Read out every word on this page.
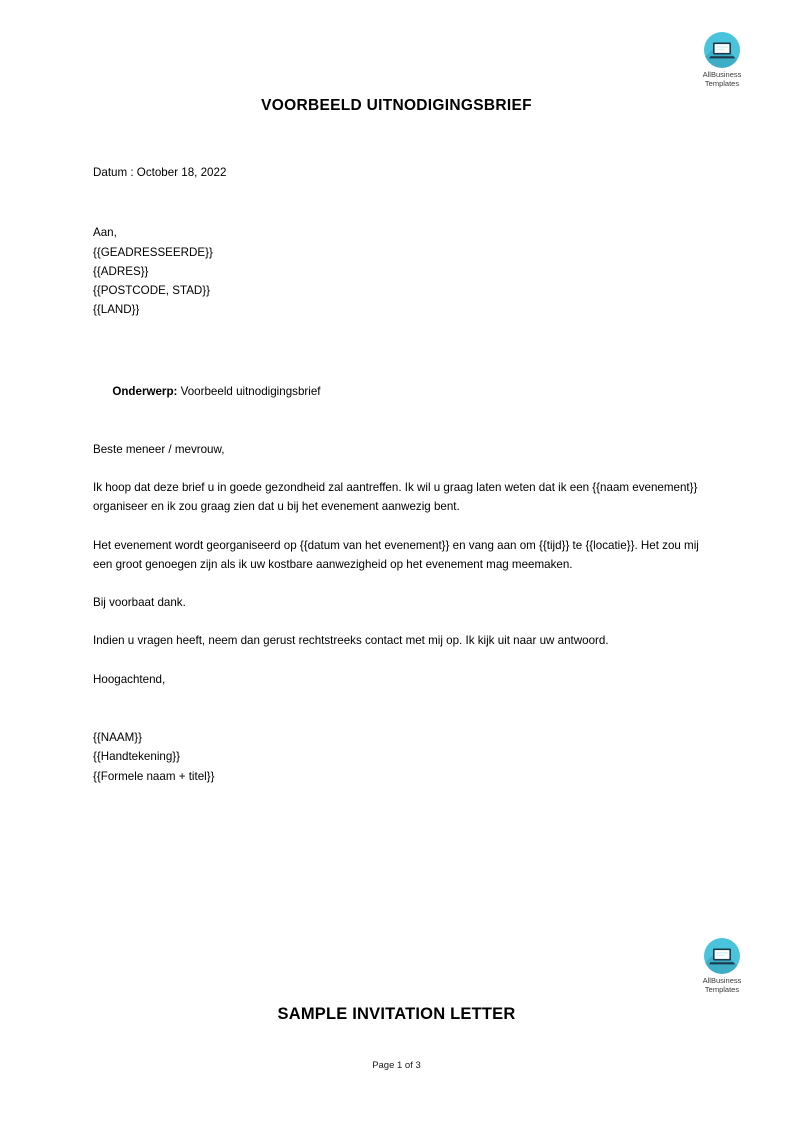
AllBusiness
Templates
VOORBEELD UITNODIGINGSBRIEF
Datum : October 18, 2022
Aan,
{{GEADRESSEERDE}}
{{ADRES}}
{{POSTCODE, STAD}}
{{LAND}}

Onderwerp: Voorbeeld uitnodigingsbrief

Beste meneer / mevrouw,
Ik hoop dat deze brief u in goede gezondheid zal aantreffen. Ik wil u graag laten weten dat ik een {{naam evenement}} organiseer en ik zou graag zien dat u bij het evenement aanwezig bent.
Het evenement wordt georganiseerd op {{datum van het evenement}} en vang aan om {{tijd}} te {{locatie}}. Het zou mij een groot genoegen zijn als ik uw kostbare aanwezigheid op het evenement mag meemaken.
Bij voorbaat dank.
Indien u vragen heeft, neem dan gerust rechtstreeks contact met mij op. Ik kijk uit naar uw antwoord.
Hoogachtend,
{{NAAM}}
{{Handtekening}}
{{Formele naam + titel}}
AllBusiness
Templates
SAMPLE INVITATION LETTER
Page 1 of 3
